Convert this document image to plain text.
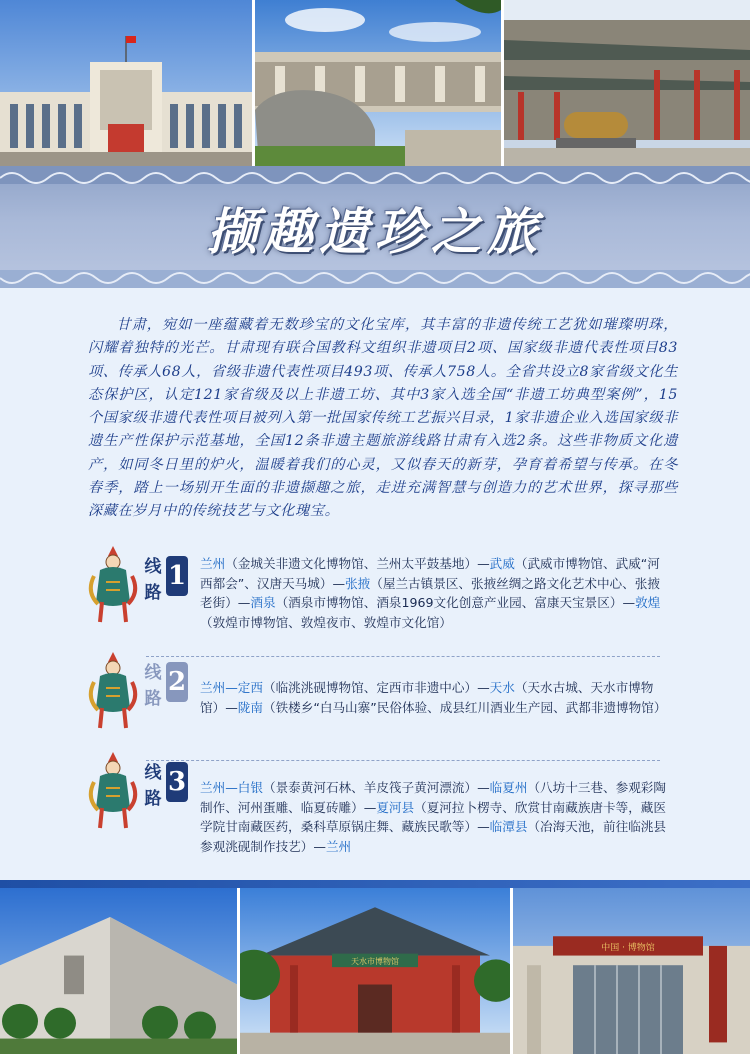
撷趣遗珍之旅

甘肃，宛如一座蕴藏着无数珍宝的文化宝库，其丰富的非遗传统工艺犹如璀璨明珠，闪耀着独特的光芒。甘肃现有联合国教科文组织非遗项目2项、国家级非遗代表性项目83项、传承人68人，省级非遗代表性项目493项、传承人758人。全省共设立8家省级文化生态保护区，认定121家省级及以上非遗工坊、其中3家入选全国“非遗工坊典型案例”，15个国家级非遗代表性项目被列入第一批国家传统工艺振兴目录，1家非遗企业入选国家级非遗生产性保护示范基地，全国12条非遗主题旅游线路甘肃有入选2条。这些非物质文化遗产，如同冬日里的炉火，温暖着我们的心灵，又似春天的新芽，孕育着希望与传承。在冬春季，踏上一场别开生面的非遗撷趣之旅，走进充满智慧与创造力的艺术世界，探寻那些深藏在岁月中的传统技艺与文化瑰宝。

线
路
1 兰州（金城关非遗文化博物馆、兰州太平鼓基地）—武威（武威市博物馆、武威“河西都会”、汉唐天马城）—张掖（屋兰古镇景区、张掖丝绸之路文化艺术中心、张掖老街）—酒泉（酒泉市博物馆、酒泉1969文化创意产业园、富康天宝景区）—敦煌（敦煌市博物馆、敦煌夜市、敦煌市文化馆）
线
路
2 兰州—定西（临洮洮砚博物馆、定西市非遗中心）—天水（天水古城、天水市博物馆）—陇南（铁楼乡“白马山寨”民俗体验、成县红川酒业生产园、武都非遗博物馆）
线
路
3 兰州—白银（景泰黄河石林、羊皮筏子黄河漂流）—临夏州（八坊十三巷、参观彩陶制作、河州蛋雕、临夏砖雕）—夏河县（夏河拉卜楞寺、欣赏甘南藏族唐卡等，藏医学院甘南藏医药，桑科草原锅庄舞、藏族民歌等）—临潭县（冶海天池，前往临洮县参观洮砚制作技艺）—兰州
天水市博物馆
中国 · 博物馆
